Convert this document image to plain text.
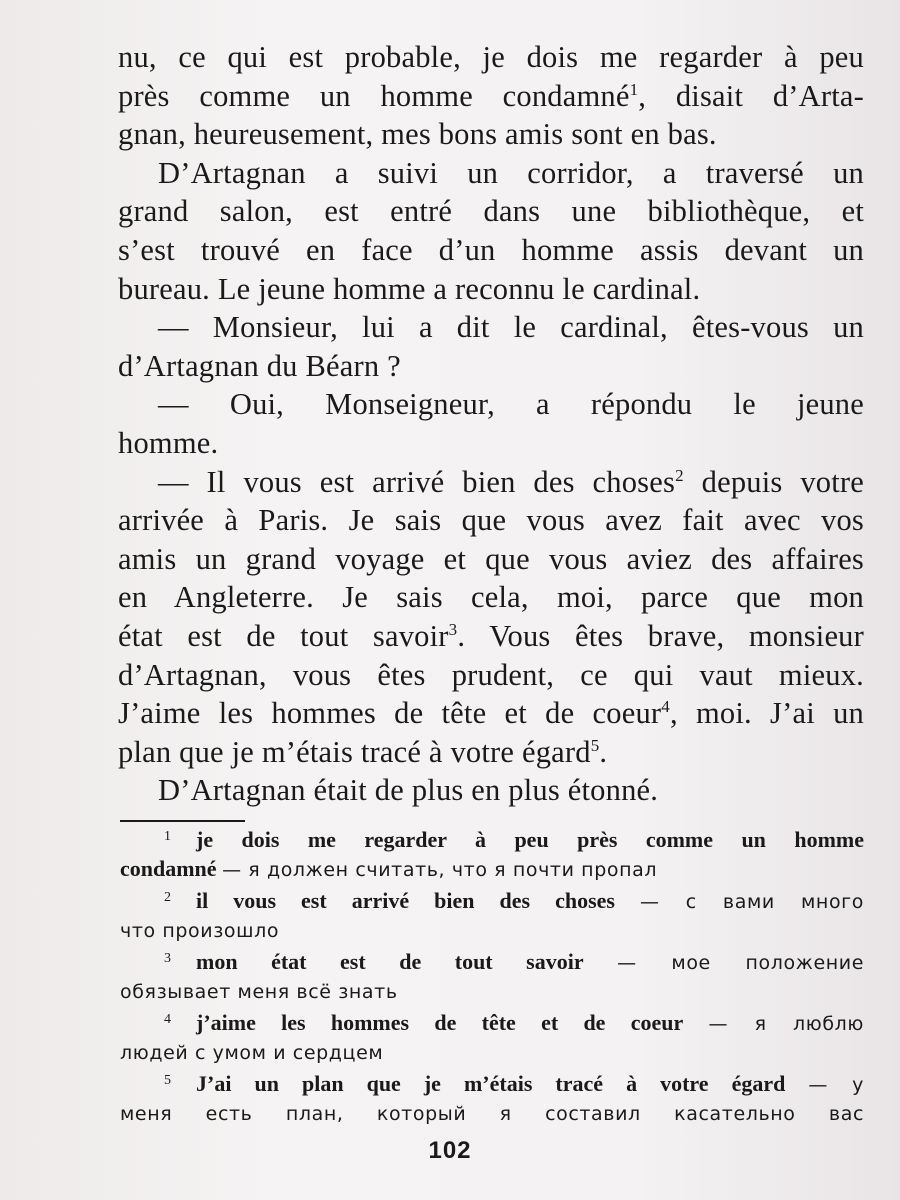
nu, ce qui est probable, je dois me regarder à peu
près comme un homme condamné$^1$, disait d’Arta-
gnan, heureusement, mes bons amis sont en bas.

D’Artagnan a suivi un corridor, a traversé un
grand salon, est entré dans une bibliothèque, et
s’est trouvé en face d’un homme assis devant un
bureau. Le jeune homme a reconnu le cardinal.

— Monsieur, lui a dit le cardinal, êtes-vous un
d’Artagnan du Béarn ?

— Oui, Monseigneur, a répondu le jeune
homme.

— Il vous est arrivé bien des choses$^2$ depuis votre
arrivée à Paris. Je sais que vous avez fait avec vos
amis un grand voyage et que vous aviez des affaires
en Angleterre. Je sais cela, moi, parce que mon
état est de tout savoir$^3$. Vous êtes brave, monsieur
d’Artagnan, vous êtes prudent, ce qui vaut mieux.
J’aime les hommes de tête et de coeur$^4$, moi. J’ai un
plan que je m’étais tracé à votre égard$^5$.

D’Artagnan était de plus en plus étonné.

1 je dois me regarder à peu près comme un homme
condamné — я должен считать, что я почти пропал
2 il vous est arrivé bien des choses — с вами много
что произошло
3 mon état est de tout savoir — мое положение
обязывает меня всё знать
4 j’aime les hommes de tête et de coeur — я люблю
людей с умом и сердцем
5 J’ai un plan que je m’étais tracé à votre égard — у
меня есть план, который я составил касательно вас
102
